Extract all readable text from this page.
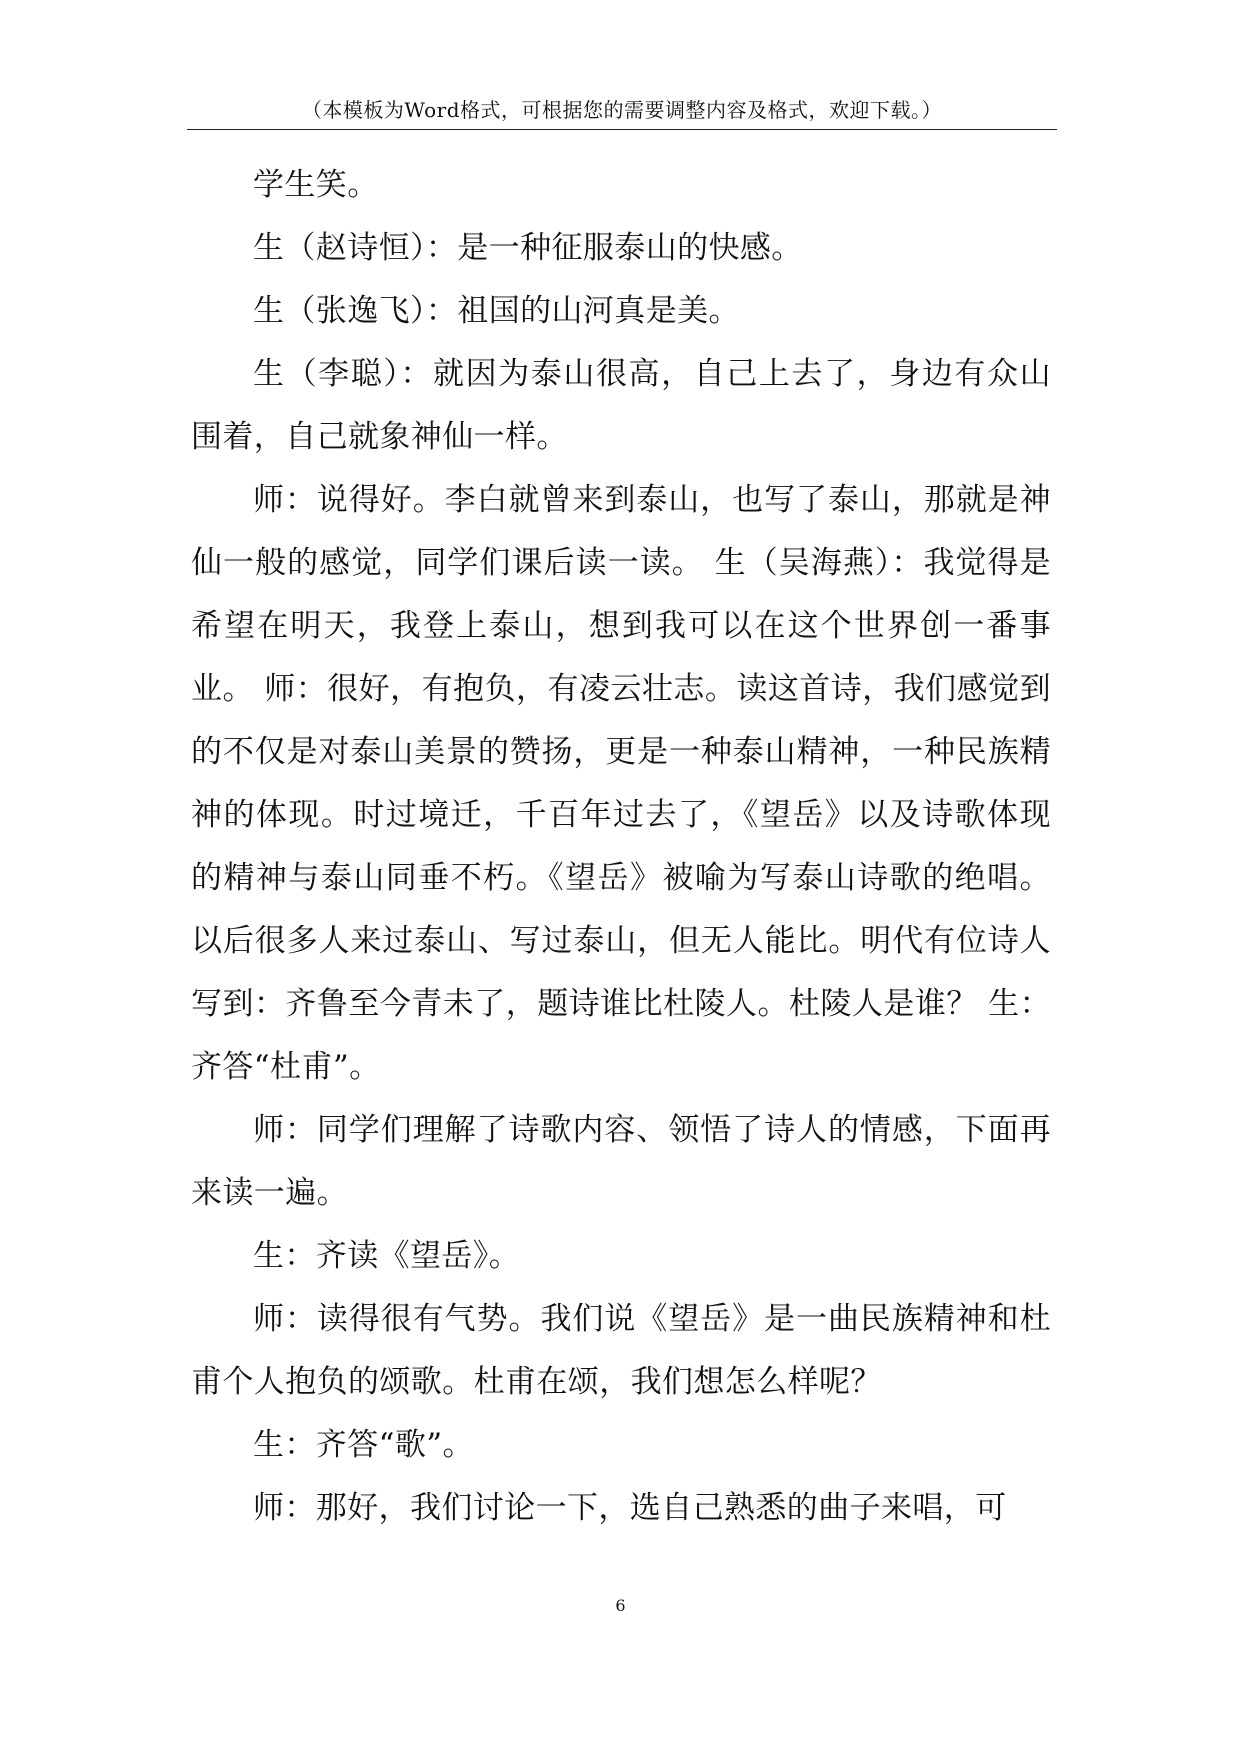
（本模板为Word格式，可根据您的需要调整内容及格式，欢迎下载。）

学生笑。

生（赵诗恒）：是一种征服泰山的快感。

生（张逸飞）：祖国的山河真是美。

生（李聪）：就因为泰山很高，自己上去了，身边有众山围着，自己就象神仙一样。

师：说得好。李白就曾来到泰山，也写了泰山，那就是神仙一般的感觉，同学们课后读一读。 生（吴海燕）：我觉得是希望在明天，我登上泰山，想到我可以在这个世界创一番事业。 师：很好，有抱负，有凌云壮志。读这首诗，我们感觉到的不仅是对泰山美景的赞扬，更是一种泰山精神，一种民族精神的体现。时过境迁，千百年过去了，《望岳》以及诗歌体现的精神与泰山同垂不朽。《望岳》被喻为写泰山诗歌的绝唱。以后很多人来过泰山、写过泰山，但无人能比。明代有位诗人写到：齐鲁至今青未了，题诗谁比杜陵人。杜陵人是谁？ 生：齐答“杜甫”。

师：同学们理解了诗歌内容、领悟了诗人的情感，下面再来读一遍。

生：齐读《望岳》。

师：读得很有气势。我们说《望岳》是一曲民族精神和杜甫个人抱负的颂歌。杜甫在颂，我们想怎么样呢？

生：齐答“歌”。

师：那好，我们讨论一下，选自己熟悉的曲子来唱，可

6
